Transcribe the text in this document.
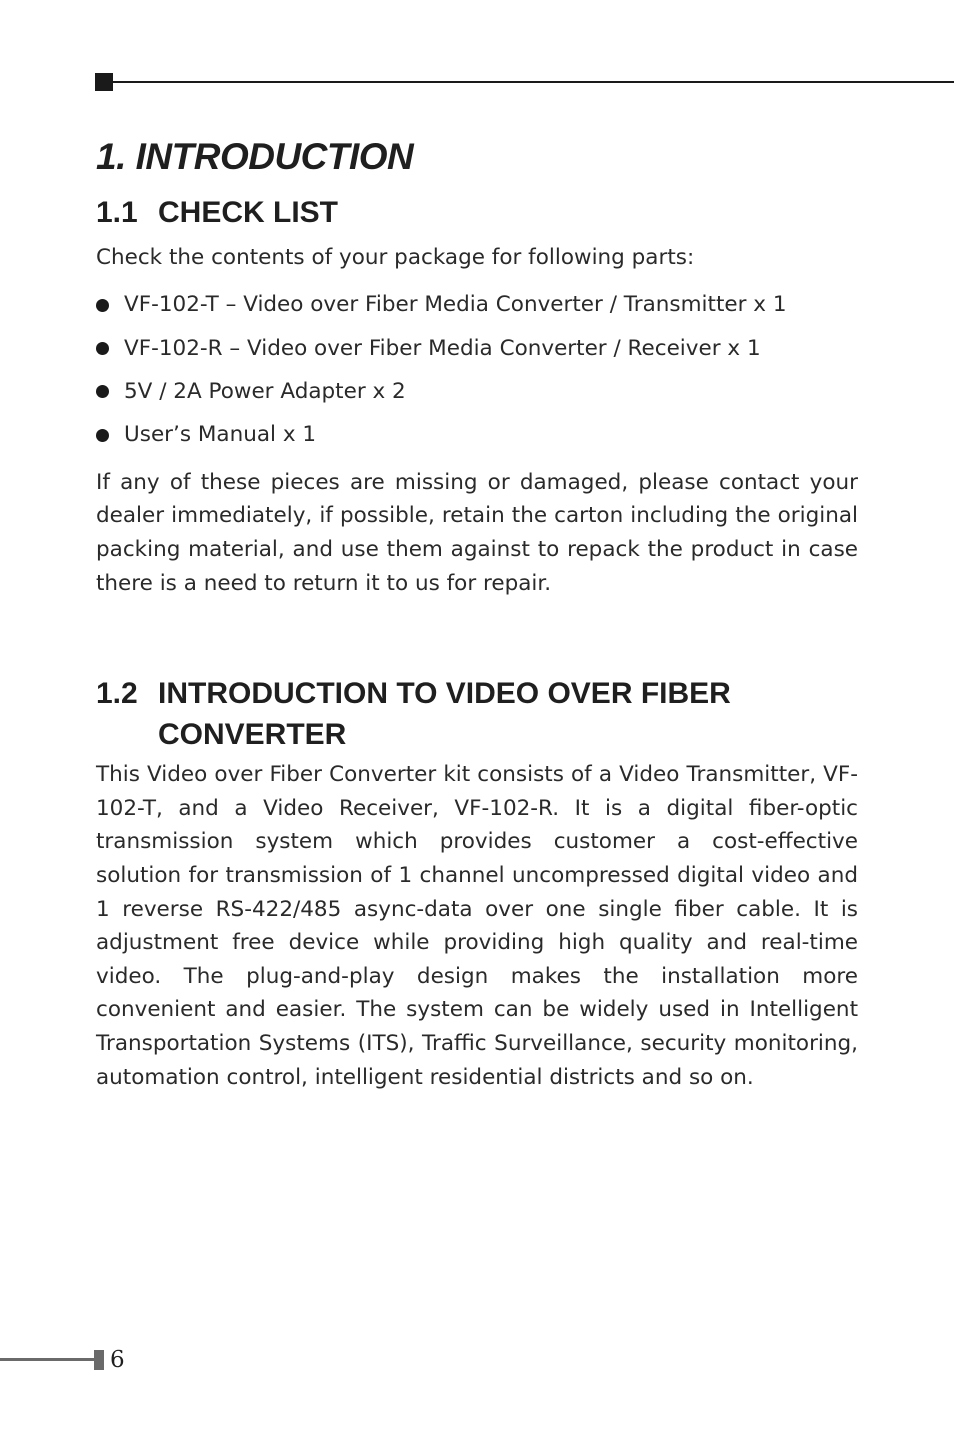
1. INTRODUCTION
1.1 CHECK LIST

Check the contents of your package for following parts:

VF-102-T – Video over Fiber Media Converter / Transmitter x 1
VF-102-R – Video over Fiber Media Converter / Receiver x 1
5V / 2A Power Adapter x 2
User’s Manual x 1

If any of these pieces are missing or damaged, please contact your dealer immediately, if possible, retain the carton including the original packing material, and use them against to repack the product in case there is a need to return it to us for repair.

1.2 INTRODUCTION TO VIDEO OVER FIBER CONVERTER

This Video over Fiber Converter kit consists of a Video Transmitter, VF-102-T, and a Video Receiver, VF-102-R. It is a digital fiber-optic transmission system which provides customer a cost-effective solution for transmission of 1 channel uncompressed digital video and 1 reverse RS-422/485 async-data over one single fiber cable. It is adjustment free device while providing high quality and real-time video. The plug-and-play design makes the installation more convenient and easier. The system can be widely used in Intelligent Transportation Systems (ITS), Traffic Surveillance, security monitoring, automation control, intelligent residential districts and so on.

6
